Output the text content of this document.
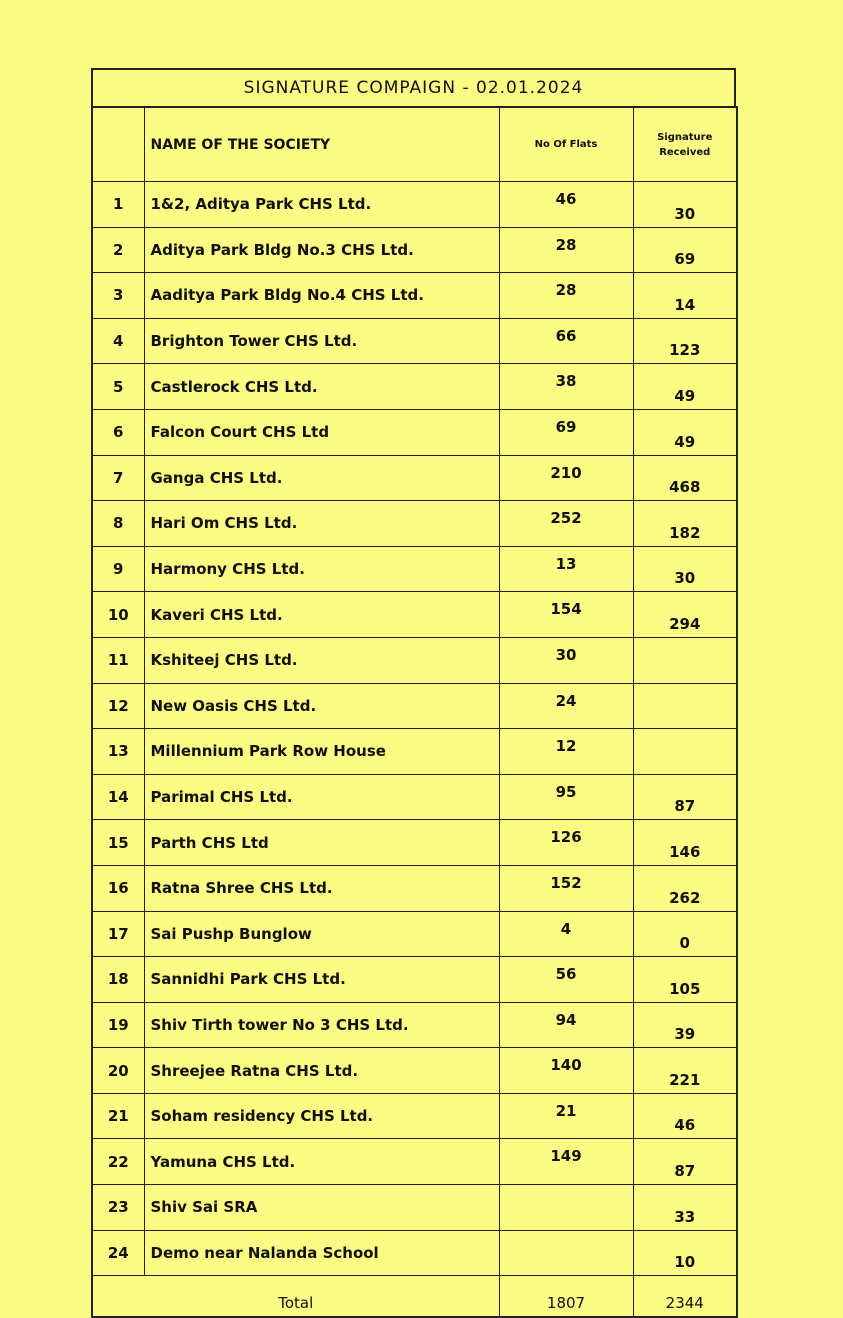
SIGNATURE COMPAIGN - 02.01.2024
	NAME OF THE SOCIETY	No Of Flats	Signature
Received

1	1&2, Aditya Park CHS Ltd.	46	30
2	Aditya Park Bldg No.3 CHS Ltd.	28	69
3	Aaditya Park Bldg No.4 CHS Ltd.	28	14
4	Brighton Tower CHS Ltd.	66	123
5	Castlerock CHS Ltd.	38	49
6	Falcon Court CHS Ltd	69	49
7	Ganga CHS Ltd.	210	468
8	Hari Om CHS Ltd.	252	182
9	Harmony CHS Ltd.	13	30
10	Kaveri CHS Ltd.	154	294
11	Kshiteej CHS Ltd.	30	
12	New Oasis CHS Ltd.	24	
13	Millennium Park Row House	12	
14	Parimal CHS Ltd.	95	87
15	Parth CHS Ltd	126	146
16	Ratna Shree CHS Ltd.	152	262
17	Sai Pushp Bunglow	4	0
18	Sannidhi Park CHS Ltd.	56	105
19	Shiv Tirth tower No 3 CHS Ltd.	94	39
20	Shreejee Ratna CHS Ltd.	140	221
21	Soham residency CHS Ltd.	21	46
22	Yamuna CHS Ltd.	149	87
23	Shiv Sai SRA		33
24	Demo near Nalanda School		10
Total		1807	2344
